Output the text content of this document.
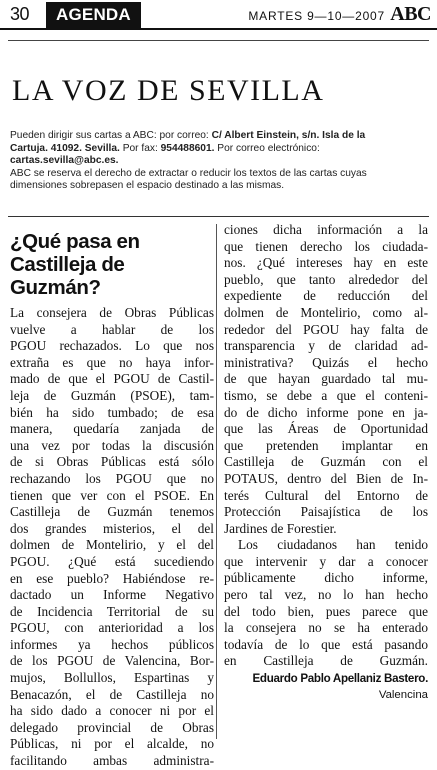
30	AGENDA	MARTES 9—10—2007 ABC
LA VOZ DE SEVILLA

Pueden dirigir sus cartas a ABC: por correo: C/ Albert Einstein, s/n. Isla de la

Cartuja. 41092. Sevilla. Por fax: 954488601. Por correo electrónico:

cartas.sevilla@abc.es.

ABC se reserva el derecho de extractar o reducir los textos de las cartas cuyas

dimensiones sobrepasen el espacio destinado a las mismas.

¿Qué pasa en
Castilleja de Guzmán?
La consejera de Obras Públicas
vuelve a hablar de los
PGOU rechazados. Lo que nos
extraña es que no haya infor-
mado de que el PGOU de Castil-
leja de Guzmán (PSOE), tam-
bién ha sido tumbado; de esa
manera, quedaría zanjada de
una vez por todas la discusión
de si Obras Públicas está sólo
rechazando los PGOU que no
tienen que ver con el PSOE. En
Castilleja de Guzmán tenemos
dos grandes misterios, el del
dolmen de Montelirio, y el del
PGOU. ¿Qué está sucediendo
en ese pueblo? Habiéndose re-
dactado un Informe Negativo
de Incidencia Territorial de su
PGOU, con anterioridad a los
informes ya hechos públicos
de los PGOU de Valencina, Bor-
mujos, Bollullos, Espartinas y
Benacazón, el de Castilleja no
ha sido dado a conocer ni por el
delegado provincial de Obras
Públicas, ni por el alcalde, no
facilitando ambas administra-
ciones dicha información a la
que tienen derecho los ciudada-
nos. ¿Qué intereses hay en este
pueblo, que tanto alrededor del
expediente de reducción del
dolmen de Montelirio, como al-
rededor del PGOU hay falta de
transparencia y de claridad ad-
ministrativa? Quizás el hecho
de que hayan guardado tal mu-
tismo, se debe a que el conteni-
do de dicho informe pone en ja-
que las Áreas de Oportunidad
que pretenden implantar en
Castilleja de Guzmán con el
POTAUS, dentro del Bien de In-
terés Cultural del Entorno de
Protección Paisajística de los
Jardines de Forestier.
Los ciudadanos han tenido
que intervenir y dar a conocer
públicamente dicho informe,
pero tal vez, no lo han hecho
del todo bien, pues parece que
la consejera no se ha enterado
todavía de lo que está pasando
en Castilleja de Guzmán.
Eduardo Pablo Apellaniz Bastero.
Valencina
